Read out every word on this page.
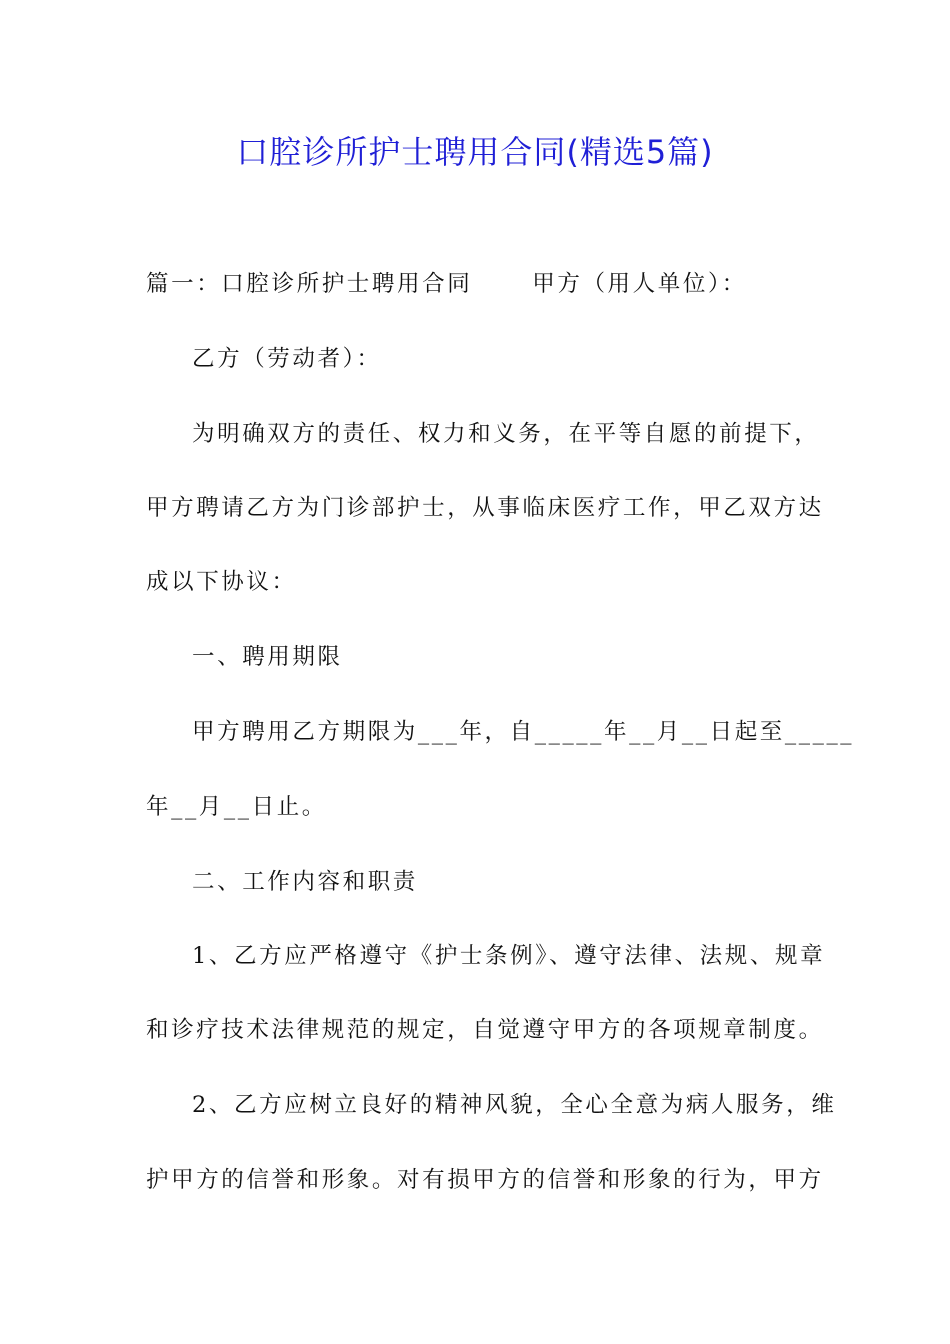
口腔诊所护士聘用合同(精选5篇)
篇一：口腔诊所护士聘用合同　　 甲方（用人单位）：
乙方（劳动者）：
为明确双方的责任、权力和义务，在平等自愿的前提下，
甲方聘请乙方为门诊部护士，从事临床医疗工作，甲乙双方达
成以下协议：
一、聘用期限
甲方聘用乙方期限为___年，自_____年__月__日起至_____
年__月__日止。
二、工作内容和职责
1、乙方应严格遵守《护士条例》、遵守法律、法规、规章
和诊疗技术法律规范的规定，自觉遵守甲方的各项规章制度。
2、乙方应树立良好的精神风貌，全心全意为病人服务，维
护甲方的信誉和形象。对有损甲方的信誉和形象的行为，甲方
